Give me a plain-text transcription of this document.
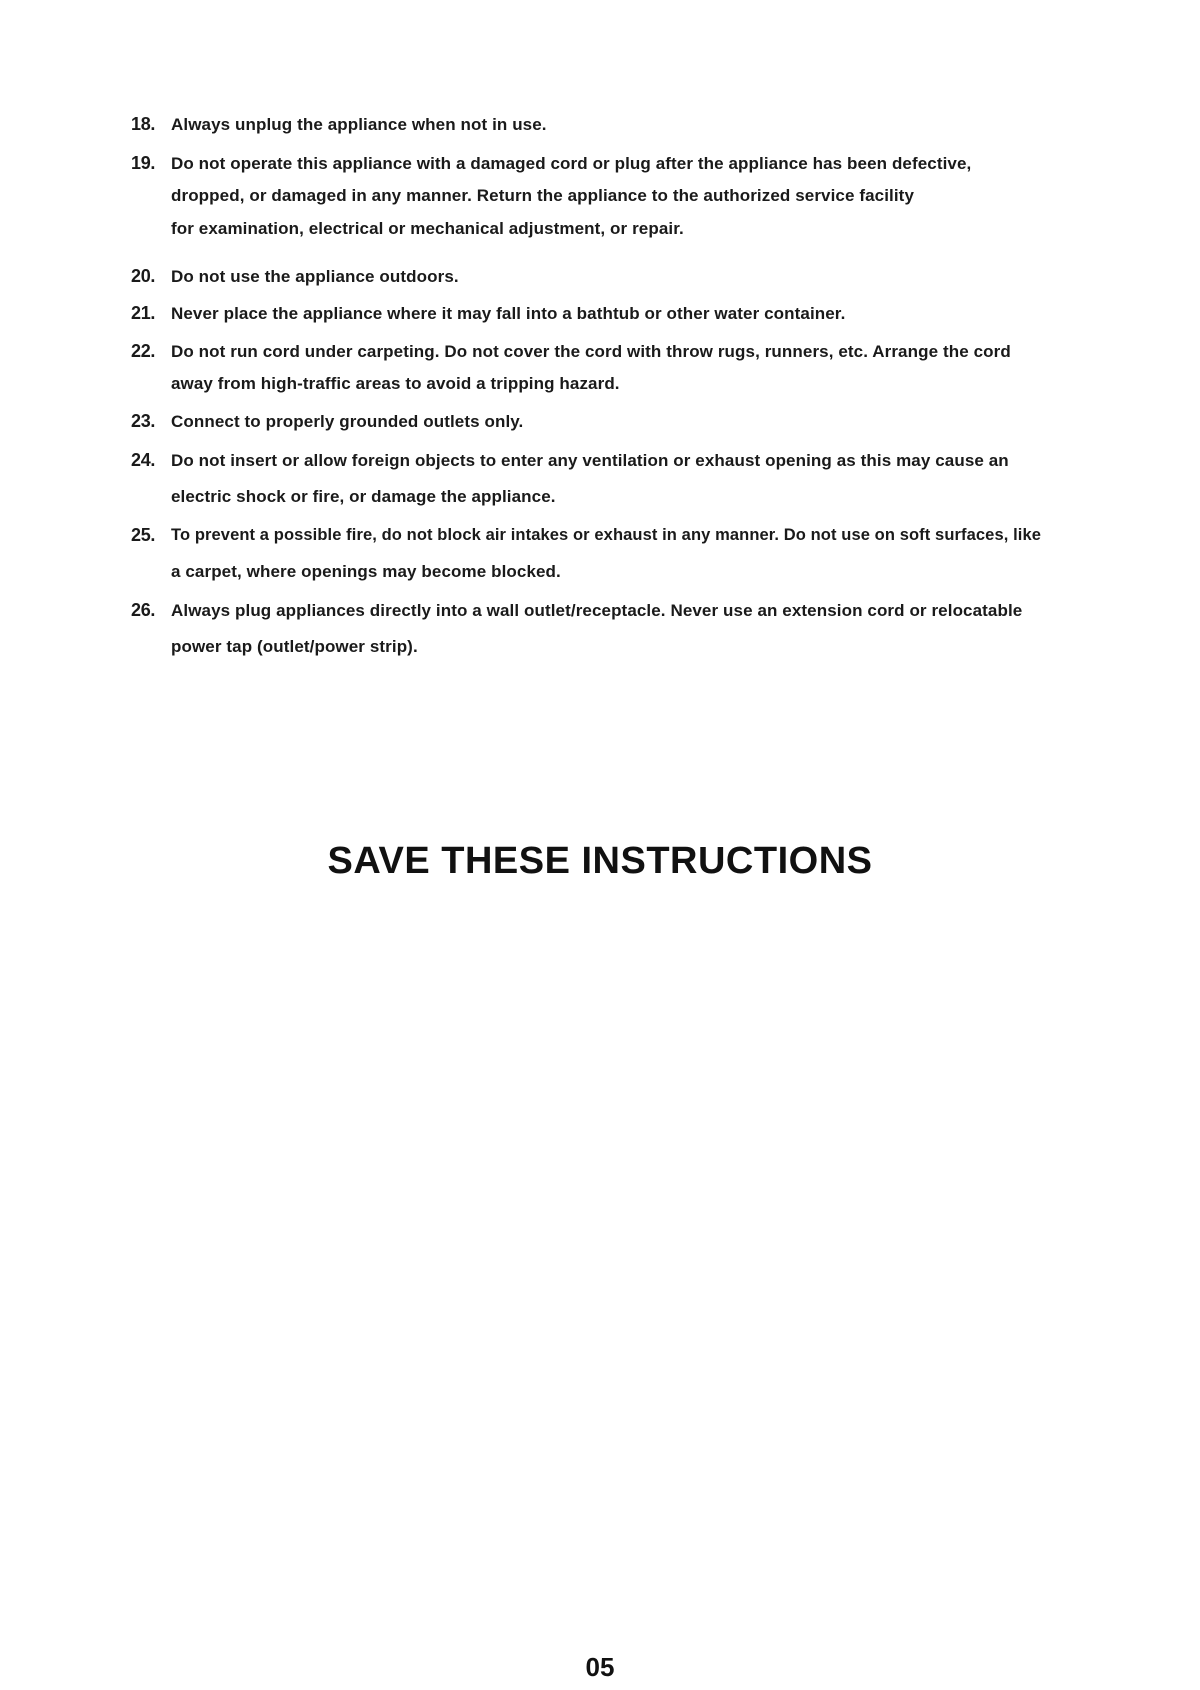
18. Always unplug the appliance when not in use.
19. Do not operate this appliance with a damaged cord or plug after the appliance has been defective,
dropped, or damaged in any manner. Return the appliance to the authorized service facility
for examination, electrical or mechanical adjustment, or repair.
20. Do not use the appliance outdoors.
21. Never place the appliance where it may fall into a bathtub or other water container.
22. Do not run cord under carpeting. Do not cover the cord with throw rugs, runners, etc. Arrange the cord
away from high-traffic areas to avoid a tripping hazard.
23. Connect to properly grounded outlets only.
24. Do not insert or allow foreign objects to enter any ventilation or exhaust opening as this may cause an
electric shock or fire, or damage the appliance.
25. To prevent a possible fire, do not block air intakes or exhaust in any manner. Do not use on soft surfaces, like
a carpet, where openings may become blocked.
26. Always plug appliances directly into a wall outlet/receptacle. Never use an extension cord or relocatable
power tap (outlet/power strip).
SAVE THESE INSTRUCTIONS
05
